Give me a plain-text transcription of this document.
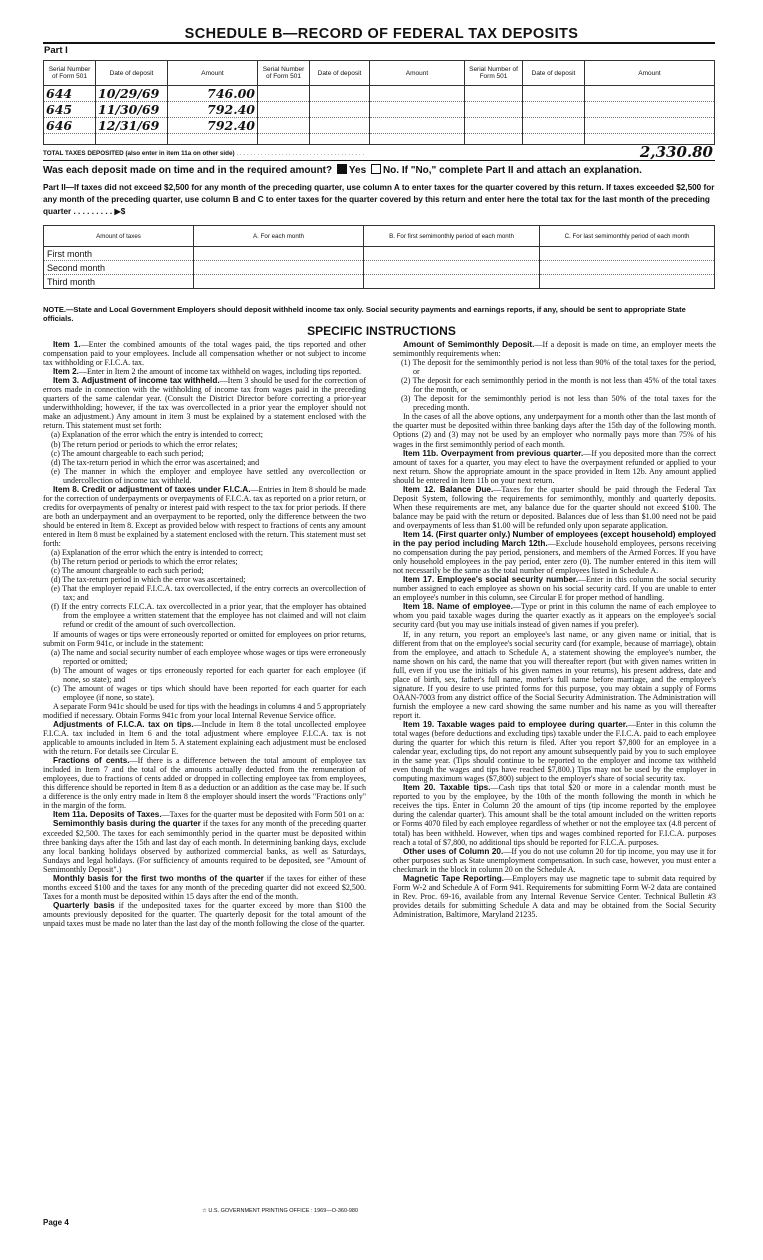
SCHEDULE B—RECORD OF FEDERAL TAX DEPOSITS
Part I
Serial Number of Form 501	Date of deposit	Amount	Serial Number of Form 501	Date of deposit	Amount	Serial Number of Form 501	Date of deposit	Amount
644	10/29/69	746.00						
645	11/30/69	792.40						
646	12/31/69	792.40						

TOTAL TAXES DEPOSITED (also enter in item 11a on other side) . . . . . . . . . . . . . . . . . . . . . . . . . . . . . . . . . . . . .	2,330.80
Was each deposit made on time and in the required amount? Yes No. If "No," complete Part II and attach an explanation.
Part II—If taxes did not exceed $2,500 for any month of the preceding quarter, use column A to enter taxes for the quarter covered by this return. If taxes exceeded $2,500 for any month of the preceding quarter, use column B and C to enter taxes for the quarter covered by this return and enter here the total tax for the last month of the preceding quarter . . . . . . . . . ▶$
Amount of taxes	A. For each month	B. For first semimonthly period of each month	C. For last semimonthly period of each month
First month			
Second month			
Third month			
NOTE.—State and Local Government Employers should deposit withheld income tax only. Social security payments and earnings reports, if any, should be sent to appropriate State officials.
SPECIFIC INSTRUCTIONS

Item 1.—Enter the combined amounts of the total wages paid, the tips reported and other compensation paid to your employees. Include all compensation whether or not subject to income tax withholding or F.I.C.A. tax.

Item 2.—Enter in Item 2 the amount of income tax withheld on wages, including tips reported.

Item 3. Adjustment of income tax withheld.—Item 3 should be used for the correction of errors made in connection with the withholding of income tax from wages paid in the preceding quarters of the same calendar year. (Consult the District Director before correcting a prior-year underwithholding; however, if the tax was overcollected in a prior year the employer should not make an adjustment.) Any amount in item 3 must be explained by a statement enclosed with the return. This statement must set forth:

(a) Explanation of the error which the entry is intended to correct;

(b) The return period or periods to which the error relates;

(c) The amount chargeable to each such period;

(d) The tax-return period in which the error was ascertained; and

(e) The manner in which the employer and employee have settled any overcollection or undercollection of income tax withheld.

Item 8. Credit or adjustment of taxes under F.I.C.A.—Entries in Item 8 should be made for the correction of underpayments or overpayments of F.I.C.A. tax as reported on a prior return, or credits for overpayments of penalty or interest paid with respect to the tax for prior periods. If there are both an underpayment and an overpayment to be reported, only the difference between the two should be entered in Item 8. Except as provided below with respect to fractions of cents any amount entered in Item 8 must be explained by a statement enclosed with the return. This statement must set forth:

(a) Explanation of the error which the entry is intended to correct;

(b) The return period or periods to which the error relates;

(c) The amount chargeable to each such period;

(d) The tax-return period in which the error was ascertained;

(e) That the employer repaid F.I.C.A. tax overcollected, if the entry corrects an overcollection of tax; and

(f) If the entry corrects F.I.C.A. tax overcollected in a prior year, that the employer has obtained from the employee a written statement that the employee has not claimed and will not claim refund or credit of the amount of such overcollection.

If amounts of wages or tips were erroneously reported or omitted for employees on prior returns, submit on Form 941c, or include in the statement:

(a) The name and social security number of each employee whose wages or tips were erroneously reported or omitted;

(b) The amount of wages or tips erroneously reported for each quarter for each employee (if none, so state); and

(c) The amount of wages or tips which should have been reported for each quarter for each employee (if none, so state).

A separate Form 941c should be used for tips with the headings in columns 4 and 5 appropriately modified if necessary. Obtain Forms 941c from your local Internal Revenue Service office.

Adjustments of F.I.C.A. tax on tips.—Include in Item 8 the total uncollected employee F.I.C.A. tax included in Item 6 and the total adjustment where employee F.I.C.A. tax is not applicable to amounts included in Item 5. A statement explaining each adjustment must be enclosed with the return. For details see Circular E.

Fractions of cents.—If there is a difference between the total amount of employee tax included in Item 7 and the total of the amounts actually deducted from the remuneration of employees, due to fractions of cents added or dropped in collecting employee tax from employees, this difference should be reported in Item 8 as a deduction or an addition as the case may be. If such a difference is the only entry made in Item 8 the employer should insert the words "Fractions only" in the margin of the form.

Item 11a. Deposits of Taxes.—Taxes for the quarter must be deposited with Form 501 on a:

Semimonthly basis during the quarter if the taxes for any month of the preceding quarter exceeded $2,500. The taxes for each semimonthly period in the quarter must be deposited within three banking days after the 15th and last day of each month. In determining banking days, exclude any local banking holidays observed by authorized commercial banks, as well as Saturdays, Sundays and legal holidays. (For sufficiency of amounts required to be deposited, see "Amount of Semimonthly Deposit".)

Monthly basis for the first two months of the quarter if the taxes for either of these months exceed $100 and the taxes for any month of the preceding quarter did not exceed $2,500. Taxes for a month must be deposited within 15 days after the end of the month.

Quarterly basis if the undeposited taxes for the quarter exceed by more than $100 the amounts previously deposited for the quarter. The quarterly deposit for the total amount of the unpaid taxes must be made no later than the last day of the month following the close of the quarter.

Amount of Semimonthly Deposit.—If a deposit is made on time, an employer meets the semimonthly requirements when:

(1) The deposit for the semimonthly period is not less than 90% of the total taxes for the period, or

(2) The deposit for each semimonthly period in the month is not less than 45% of the total taxes for the month, or

(3) The deposit for the semimonthly period is not less than 50% of the total taxes for the preceding month.

In the cases of all the above options, any underpayment for a month other than the last month of the quarter must be deposited within three banking days after the 15th day of the following month. Options (2) and (3) may not be used by an employer who normally pays more than 75% of his wages in the first semimonthly period of each month.

Item 11b. Overpayment from previous quarter.—If you deposited more than the correct amount of taxes for a quarter, you may elect to have the overpayment refunded or applied to your next return. Show the appropriate amount in the space provided in Item 12b. Any amount applied should be entered in Item 11b on your next return.

Item 12. Balance Due.—Taxes for the quarter should be paid through the Federal Tax Deposit System, following the requirements for semimonthly, monthly and quarterly deposits. When these requirements are met, any balance due for the quarter should not exceed $100. The balance may be paid with the return or deposited. Balances due of less than $1.00 need not be paid and overpayments of less than $1.00 will be refunded only upon separate application.

Item 14. (First quarter only.) Number of employees (except household) employed in the pay period including March 12th.—Exclude household employees, persons receiving no compensation during the pay period, pensioners, and members of the Armed Forces. If you have only household employees in the pay period, enter zero (0). The number entered in this item will not necessarily be the same as the total number of employees listed in Schedule A.

Item 17. Employee's social security number.—Enter in this column the social security number assigned to each employee as shown on his social security card. If you are unable to enter an employee's number in this column, see Circular E for proper method of handling.

Item 18. Name of employee.—Type or print in this column the name of each employee to whom you paid taxable wages during the quarter exactly as it appears on the employee's social security card (but you may use initials instead of given names if you prefer).

If, in any return, you report an employee's last name, or any given name or initial, that is different from that on the employee's social security card (for example, because of marriage), obtain from the employee, and attach to Schedule A, a statement showing the employee's number, the name shown on his card, the name that you will thereafter report (but with given names written in full, even if you use the initials of his given names in your returns), his present address, date and place of birth, sex, father's full name, mother's full name before marriage, and the employee's signature. If you desire to use printed forms for this purpose, you may obtain a supply of Forms OAAN-7003 from any district office of the Social Security Administration. The Administration will furnish the employee a new card showing the same number and his name as you will thereafter report it.

Item 19. Taxable wages paid to employee during quarter.—Enter in this column the total wages (before deductions and excluding tips) taxable under the F.I.C.A. paid to each employee during the quarter for which this return is filed. After you report $7,800 for an employee in a calendar year, excluding tips, do not report any amount subsequently paid by you to such employee in the same year. (Tips should continue to be reported to the employer and income tax withheld even though the wages and tips have reached $7,800.) Tips may not be used by the employer in computing maximum wages ($7,800) subject to the employer's share of social security tax.

Item 20. Taxable tips.—Cash tips that total $20 or more in a calendar month must be reported to you by the employee, by the 10th of the month following the month in which he receives the tips. Enter in Column 20 the amount of tips (tip income reported by the employee during the calendar quarter). This amount shall be the total amount included on the written reports or Forms 4070 filed by each employee regardless of whether or not the employee tax (4.8 percent of total) has been withheld. However, when tips and wages combined reported for F.I.C.A. purposes reach a total of $7,800, no additional tips should be reported for F.I.C.A. purposes.

Other uses of Column 20.—If you do not use column 20 for tip income, you may use it for other purposes such as State unemployment compensation. In such case, however, you must enter a checkmark in the block in column 20 on the Schedule A.

Magnetic Tape Reporting.—Employers may use magnetic tape to submit data required by Form W-2 and Schedule A of Form 941. Requirements for submitting Form W-2 data are contained in Rev. Proc. 69-16, available from any Internal Revenue Service Center. Technical Bulletin #3 provides details for submitting Schedule A data and may be obtained from the Social Security Administration, Baltimore, Maryland 21235.

☆ U.S. GOVERNMENT PRINTING OFFICE : 1969—O-360-980
Page 4
